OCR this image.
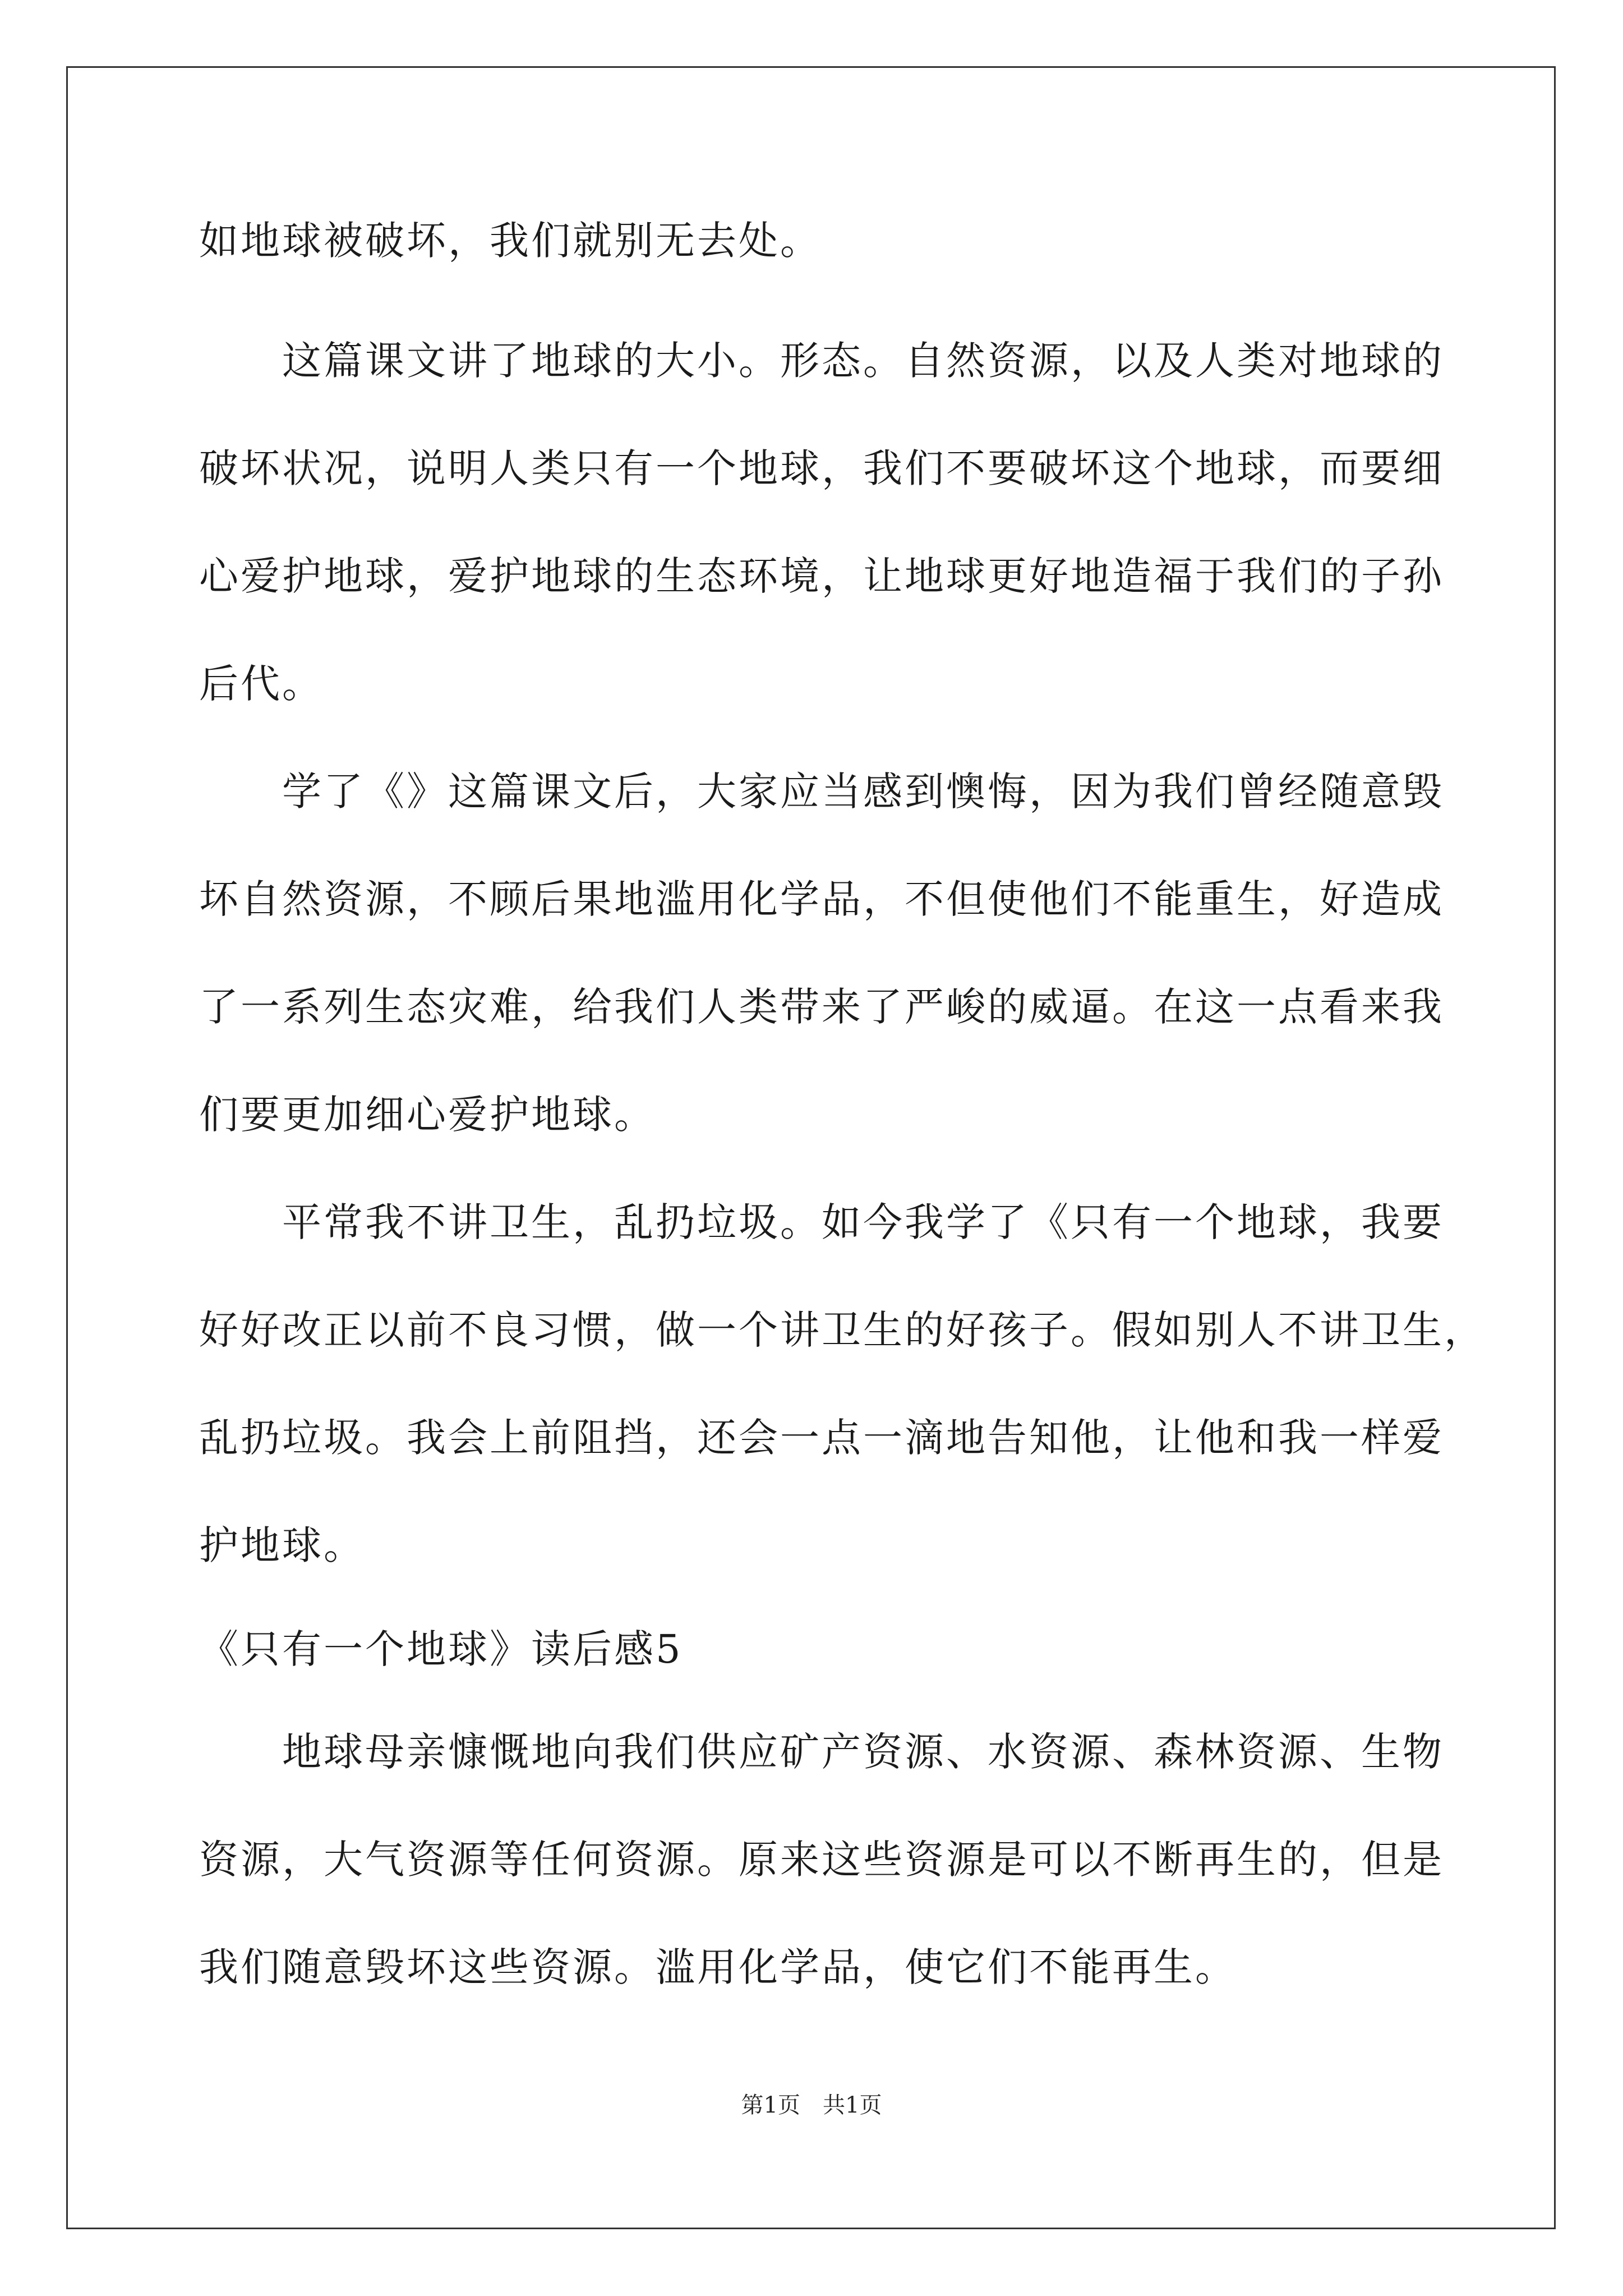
如地球被破坏，我们就别无去处。
这篇课文讲了地球的大小。形态。自然资源，以及人类对地球的
破坏状况，说明人类只有一个地球，我们不要破坏这个地球，而要细
心爱护地球，爱护地球的生态环境，让地球更好地造福于我们的子孙
后代。
学了《》这篇课文后，大家应当感到懊悔，因为我们曾经随意毁
坏自然资源，不顾后果地滥用化学品，不但使他们不能重生，好造成
了一系列生态灾难，给我们人类带来了严峻的威逼。在这一点看来我
们要更加细心爱护地球。
平常我不讲卫生，乱扔垃圾。如今我学了《只有一个地球，我要
好好改正以前不良习惯，做一个讲卫生的好孩子。假如别人不讲卫生，
乱扔垃圾。我会上前阻挡，还会一点一滴地告知他，让他和我一样爱
护地球。
《只有一个地球》读后感5
地球母亲慷慨地向我们供应矿产资源、水资源、森林资源、生物
资源，大气资源等任何资源。原来这些资源是可以不断再生的，但是
我们随意毁坏这些资源。滥用化学品，使它们不能再生。
第1页　共1页
